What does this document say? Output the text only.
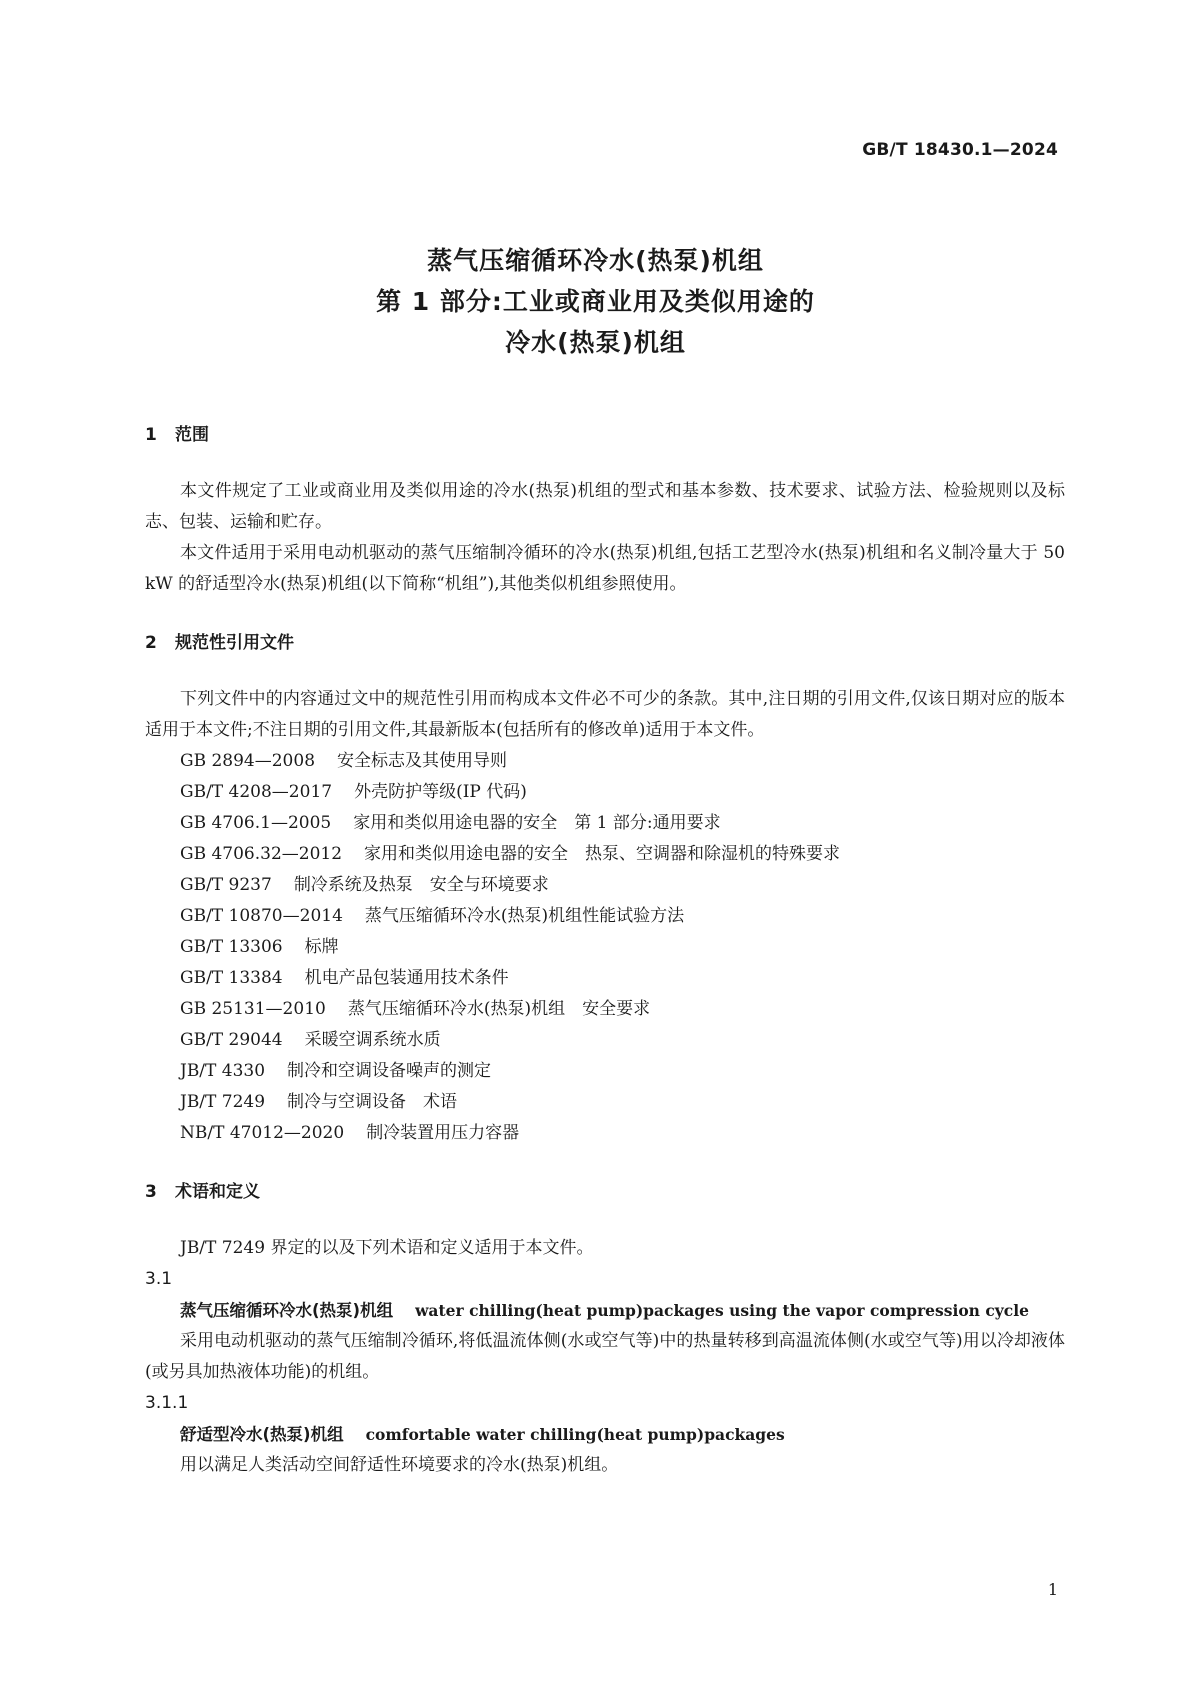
GB/T 18430.1—2024
蒸气压缩循环冷水(热泵)机组
第 1 部分:工业或商业用及类似用途的
冷水(热泵)机组
1 范围

本文件规定了工业或商业用及类似用途的冷水(热泵)机组的型式和基本参数、技术要求、试验方法、检验规则以及标志、包装、运输和贮存。

本文件适用于采用电动机驱动的蒸气压缩制冷循环的冷水(热泵)机组,包括工艺型冷水(热泵)机组和名义制冷量大于 50 kW 的舒适型冷水(热泵)机组(以下简称“机组”),其他类似机组参照使用。

2 规范性引用文件

下列文件中的内容通过文中的规范性引用而构成本文件必不可少的条款。其中,注日期的引用文件,仅该日期对应的版本适用于本文件;不注日期的引用文件,其最新版本(包括所有的修改单)适用于本文件。

GB 2894—2008 安全标志及其使用导则
GB/T 4208—2017 外壳防护等级(IP 代码)
GB 4706.1—2005 家用和类似用途电器的安全　第 1 部分:通用要求
GB 4706.32—2012 家用和类似用途电器的安全　热泵、空调器和除湿机的特殊要求
GB/T 9237 制冷系统及热泵　安全与环境要求
GB/T 10870—2014 蒸气压缩循环冷水(热泵)机组性能试验方法
GB/T 13306 标牌
GB/T 13384 机电产品包装通用技术条件
GB 25131—2010 蒸气压缩循环冷水(热泵)机组　安全要求
GB/T 29044 采暖空调系统水质
JB/T 4330 制冷和空调设备噪声的测定
JB/T 7249 制冷与空调设备　术语
NB/T 47012—2020 制冷装置用压力容器
3 术语和定义

JB/T 7249 界定的以及下列术语和定义适用于本文件。

3.1
蒸气压缩循环冷水(热泵)机组 water chilling(heat pump)packages using the vapor compression cycle

采用电动机驱动的蒸气压缩制冷循环,将低温流体侧(水或空气等)中的热量转移到高温流体侧(水或空气等)用以冷却液体(或另具加热液体功能)的机组。

3.1.1
舒适型冷水(热泵)机组 comfortable water chilling(heat pump)packages

用以满足人类活动空间舒适性环境要求的冷水(热泵)机组。

1
